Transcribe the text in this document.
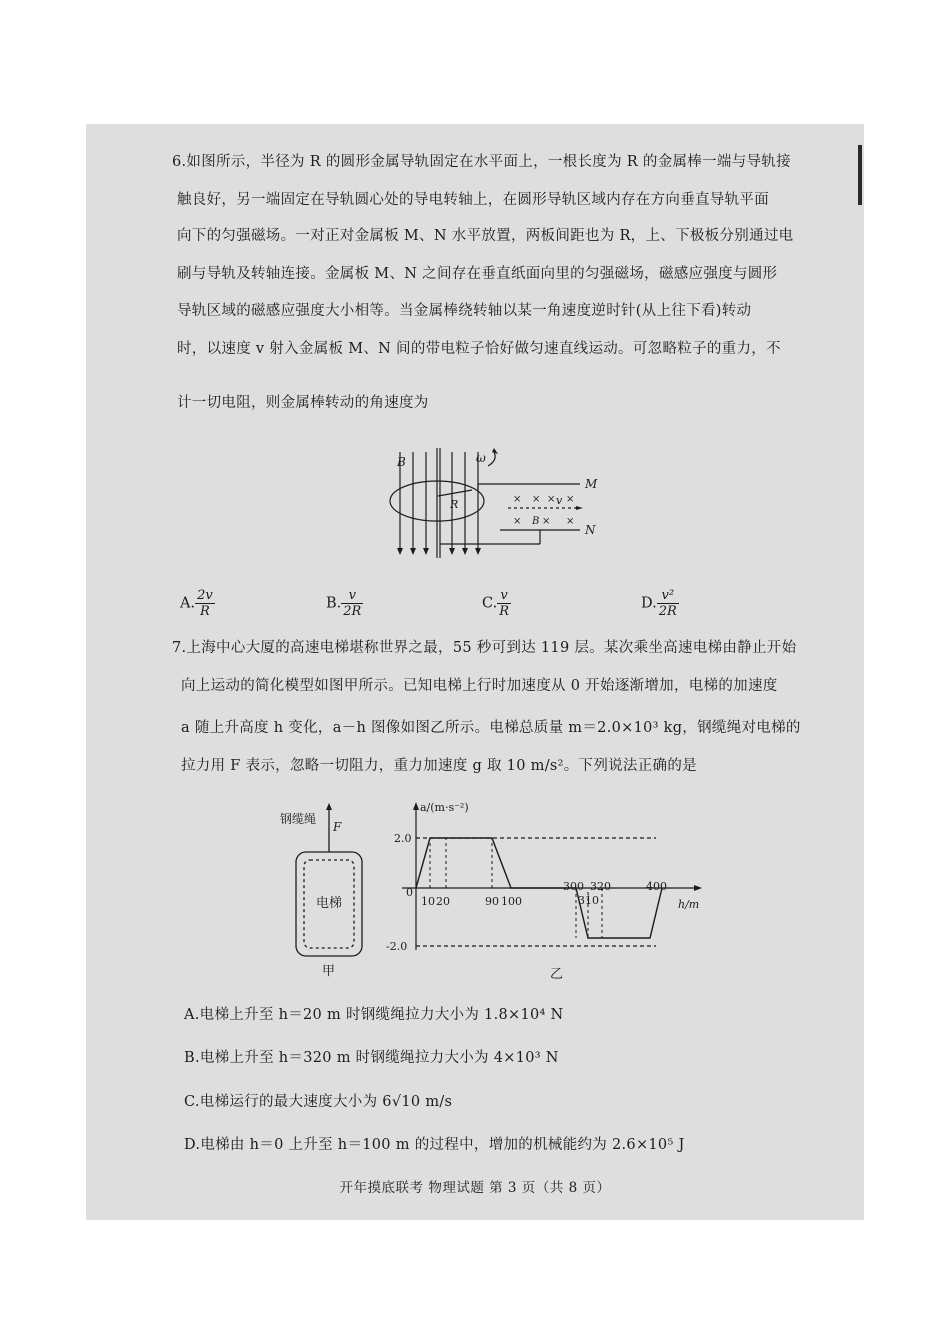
6.如图所示，半径为 R 的圆形金属导轨固定在水平面上，一根长度为 R 的金属棒一端与导轨接
触良好，另一端固定在导轨圆心处的导电转轴上，在圆形导轨区域内存在方向垂直导轨平面
向下的匀强磁场。一对正对金属板 M、N 水平放置，两板间距也为 R，上、下极板分别通过电
刷与导轨及转轴连接。金属板 M、N 之间存在垂直纸面向里的匀强磁场，磁感应强度与圆形
导轨区域的磁感应强度大小相等。当金属棒绕转轴以某一角速度逆时针(从上往下看)转动
时，以速度 v 射入金属板 M、N 间的带电粒子恰好做匀速直线运动。可忽略粒子的重力，不
计一切电阻，则金属棒转动的角速度为
B	ω
R
M
N
v
× × × ×
× B × ×
A. $\frac{2v}{R}$	B. $\frac{v}{2R}$	C. $\frac{v}{R}$	D. $\frac{\text{v²}}{2R}$
7.上海中心大厦的高速电梯堪称世界之最，55 秒可到达 119 层。某次乘坐高速电梯由静止开始
向上运动的简化模型如图甲所示。已知电梯上行时加速度从 0 开始逐渐增加，电梯的加速度
a 随上升高度 h 变化，a－h 图像如图乙所示。电梯总质量 m＝2.0×10³ kg，钢缆绳对电梯的
拉力用 F 表示，忽略一切阻力，重力加速度 g 取 10 m/s²。下列说法正确的是
钢缆绳
F
电梯
甲
a/(m·s⁻²)
h/m
0
2.0
-2.0
10 20	90 100
300 320
310
400
乙
A.电梯上升至 h＝20 m 时钢缆绳拉力大小为 1.8×10⁴ N
B.电梯上升至 h＝320 m 时钢缆绳拉力大小为 4×10³ N
C.电梯运行的最大速度大小为 6√10 m/s
D.电梯由 h＝0 上升至 h＝100 m 的过程中，增加的机械能约为 2.6×10⁵ J
开年摸底联考 物理试题 第 3 页（共 8 页）
